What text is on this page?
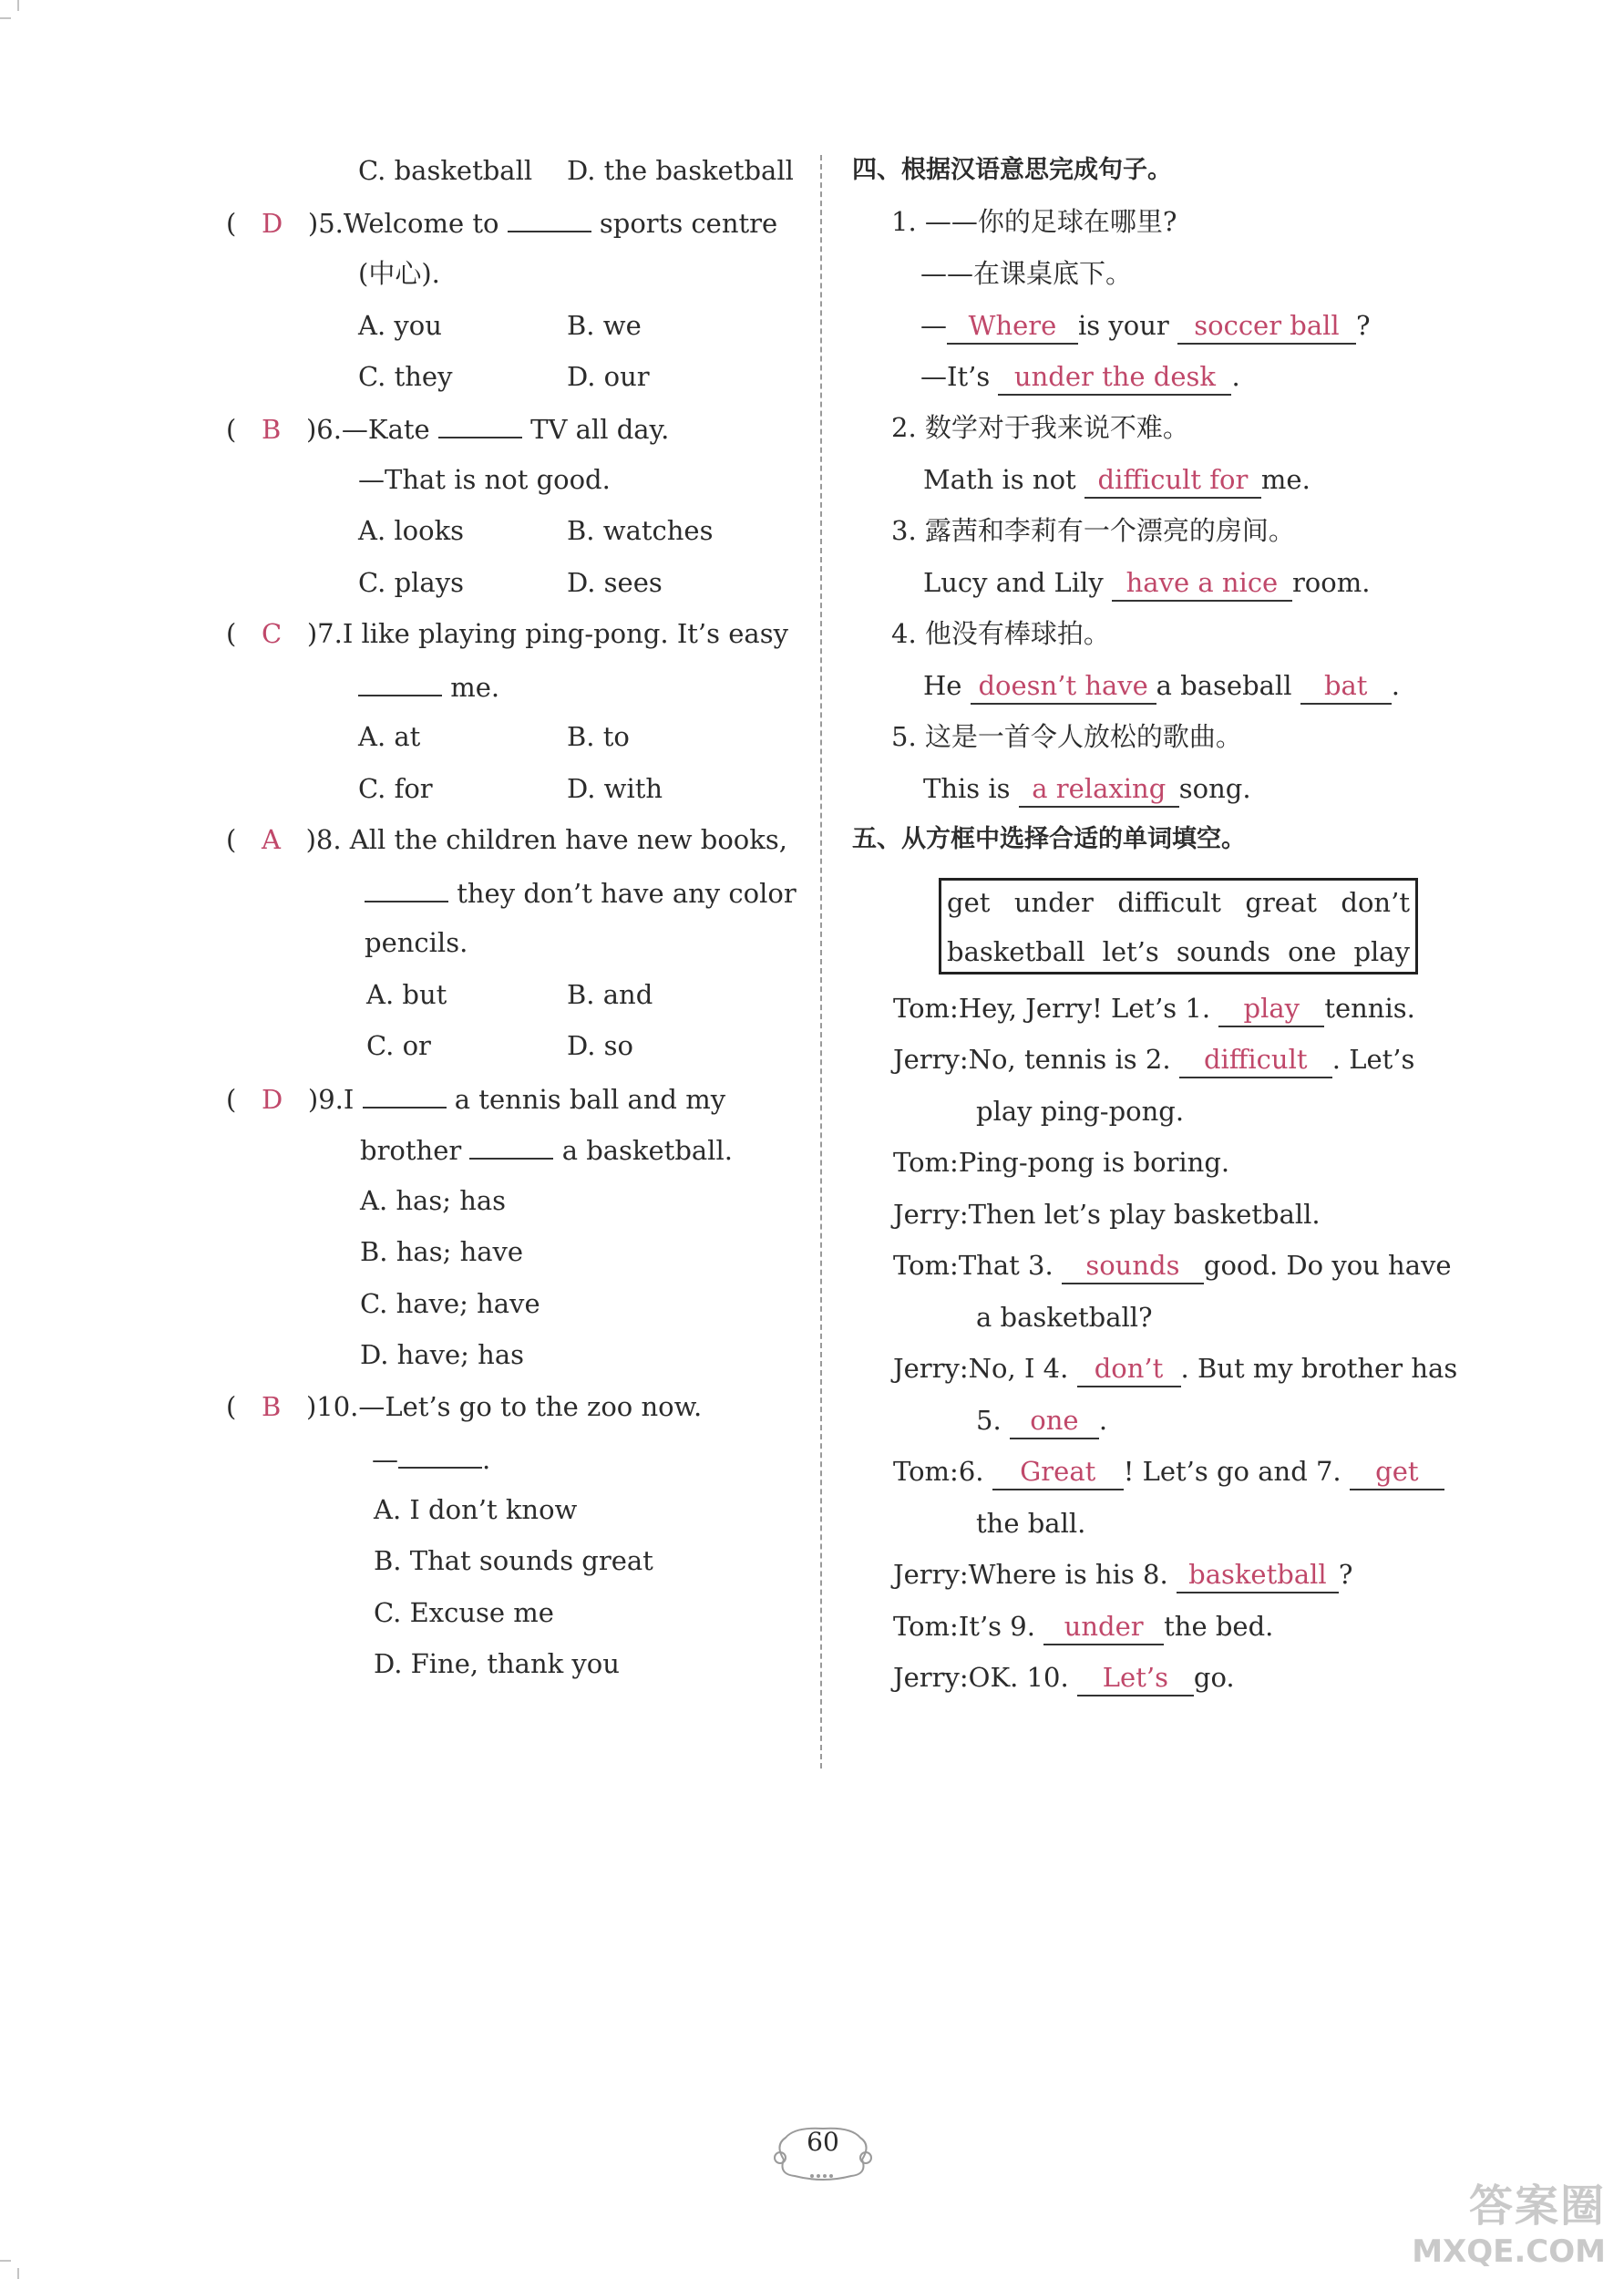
C. basketball D. the basketball
(   D )5.Welcome to	sports centre
(中心).
A. you	B. we
C. they	D. our
(   B )6.—Kate	TV all day.
—That is not good.
A. looks	B. watches
C. plays	D. sees
(   C )7.I like playing ping-pong. It’s easy
me.
A. at	B. to
C. for	D. with
(   A )8. All the children have new books,
they don’t have any color
pencils.
A. but	B. and
C. or	D. so
(   D )9.I	a tennis ball and my
brother	a basketball.
A. has; has
B. has; have
C. have; have
D. have; has
(   B )10.—Let’s go to the zoo now.
—	.
A. I don’t know
B. That sounds great
C. Excuse me
D. Fine, thank you
四、根据汉语意思完成句子。
1. ——你的足球在哪里?
——在课桌底下。
— Where is your soccer ball ?
—It’s under the desk .
2. 数学对于我来说不难。
Math is not difficult for me.
3. 露茜和李莉有一个漂亮的房间。
Lucy and Lily have a nice room.
4. 他没有棒球拍。
He doesn’t have a baseball bat .
5. 这是一首令人放松的歌曲。
This is a relaxing song.
五、从方框中选择合适的单词填空。
get under difficult great don’t
basketball let’s sounds one play
Tom:Hey, Jerry! Let’s 1. play tennis.
Jerry:No, tennis is 2. difficult . Let’s
play ping-pong.
Tom:Ping-pong is boring.
Jerry:Then let’s play basketball.
Tom:That 3. sounds good. Do you have
a basketball?
Jerry:No, I 4. don’t . But my brother has
5. one .
Tom:6. Great ! Let’s go and 7. get
the ball.
Jerry:Where is his 8. basketball ?
Tom:It’s 9. under the bed.
Jerry:OK. 10. Let’s go.
60
答案圈
MXQE.COM
